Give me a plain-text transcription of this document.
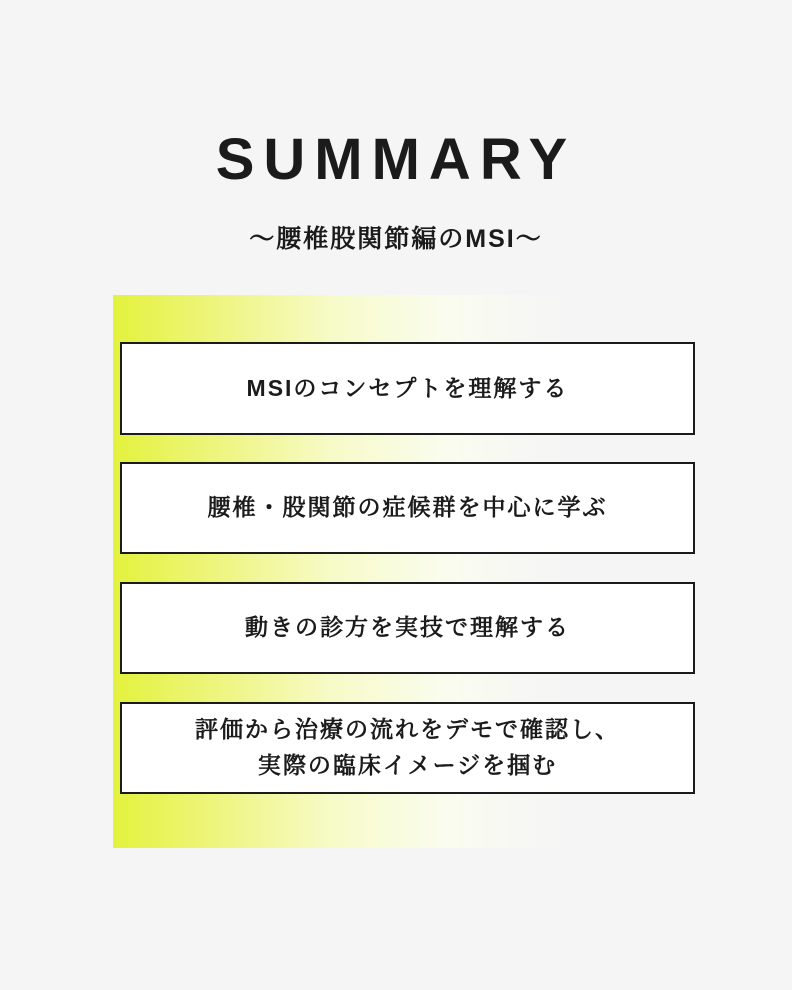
SUMMARY
〜腰椎股関節編のMSI〜
MSIのコンセプトを理解する
腰椎・股関節の症候群を中心に学ぶ
動きの診方を実技で理解する
評価から治療の流れをデモで確認し、
実際の臨床イメージを掴む
